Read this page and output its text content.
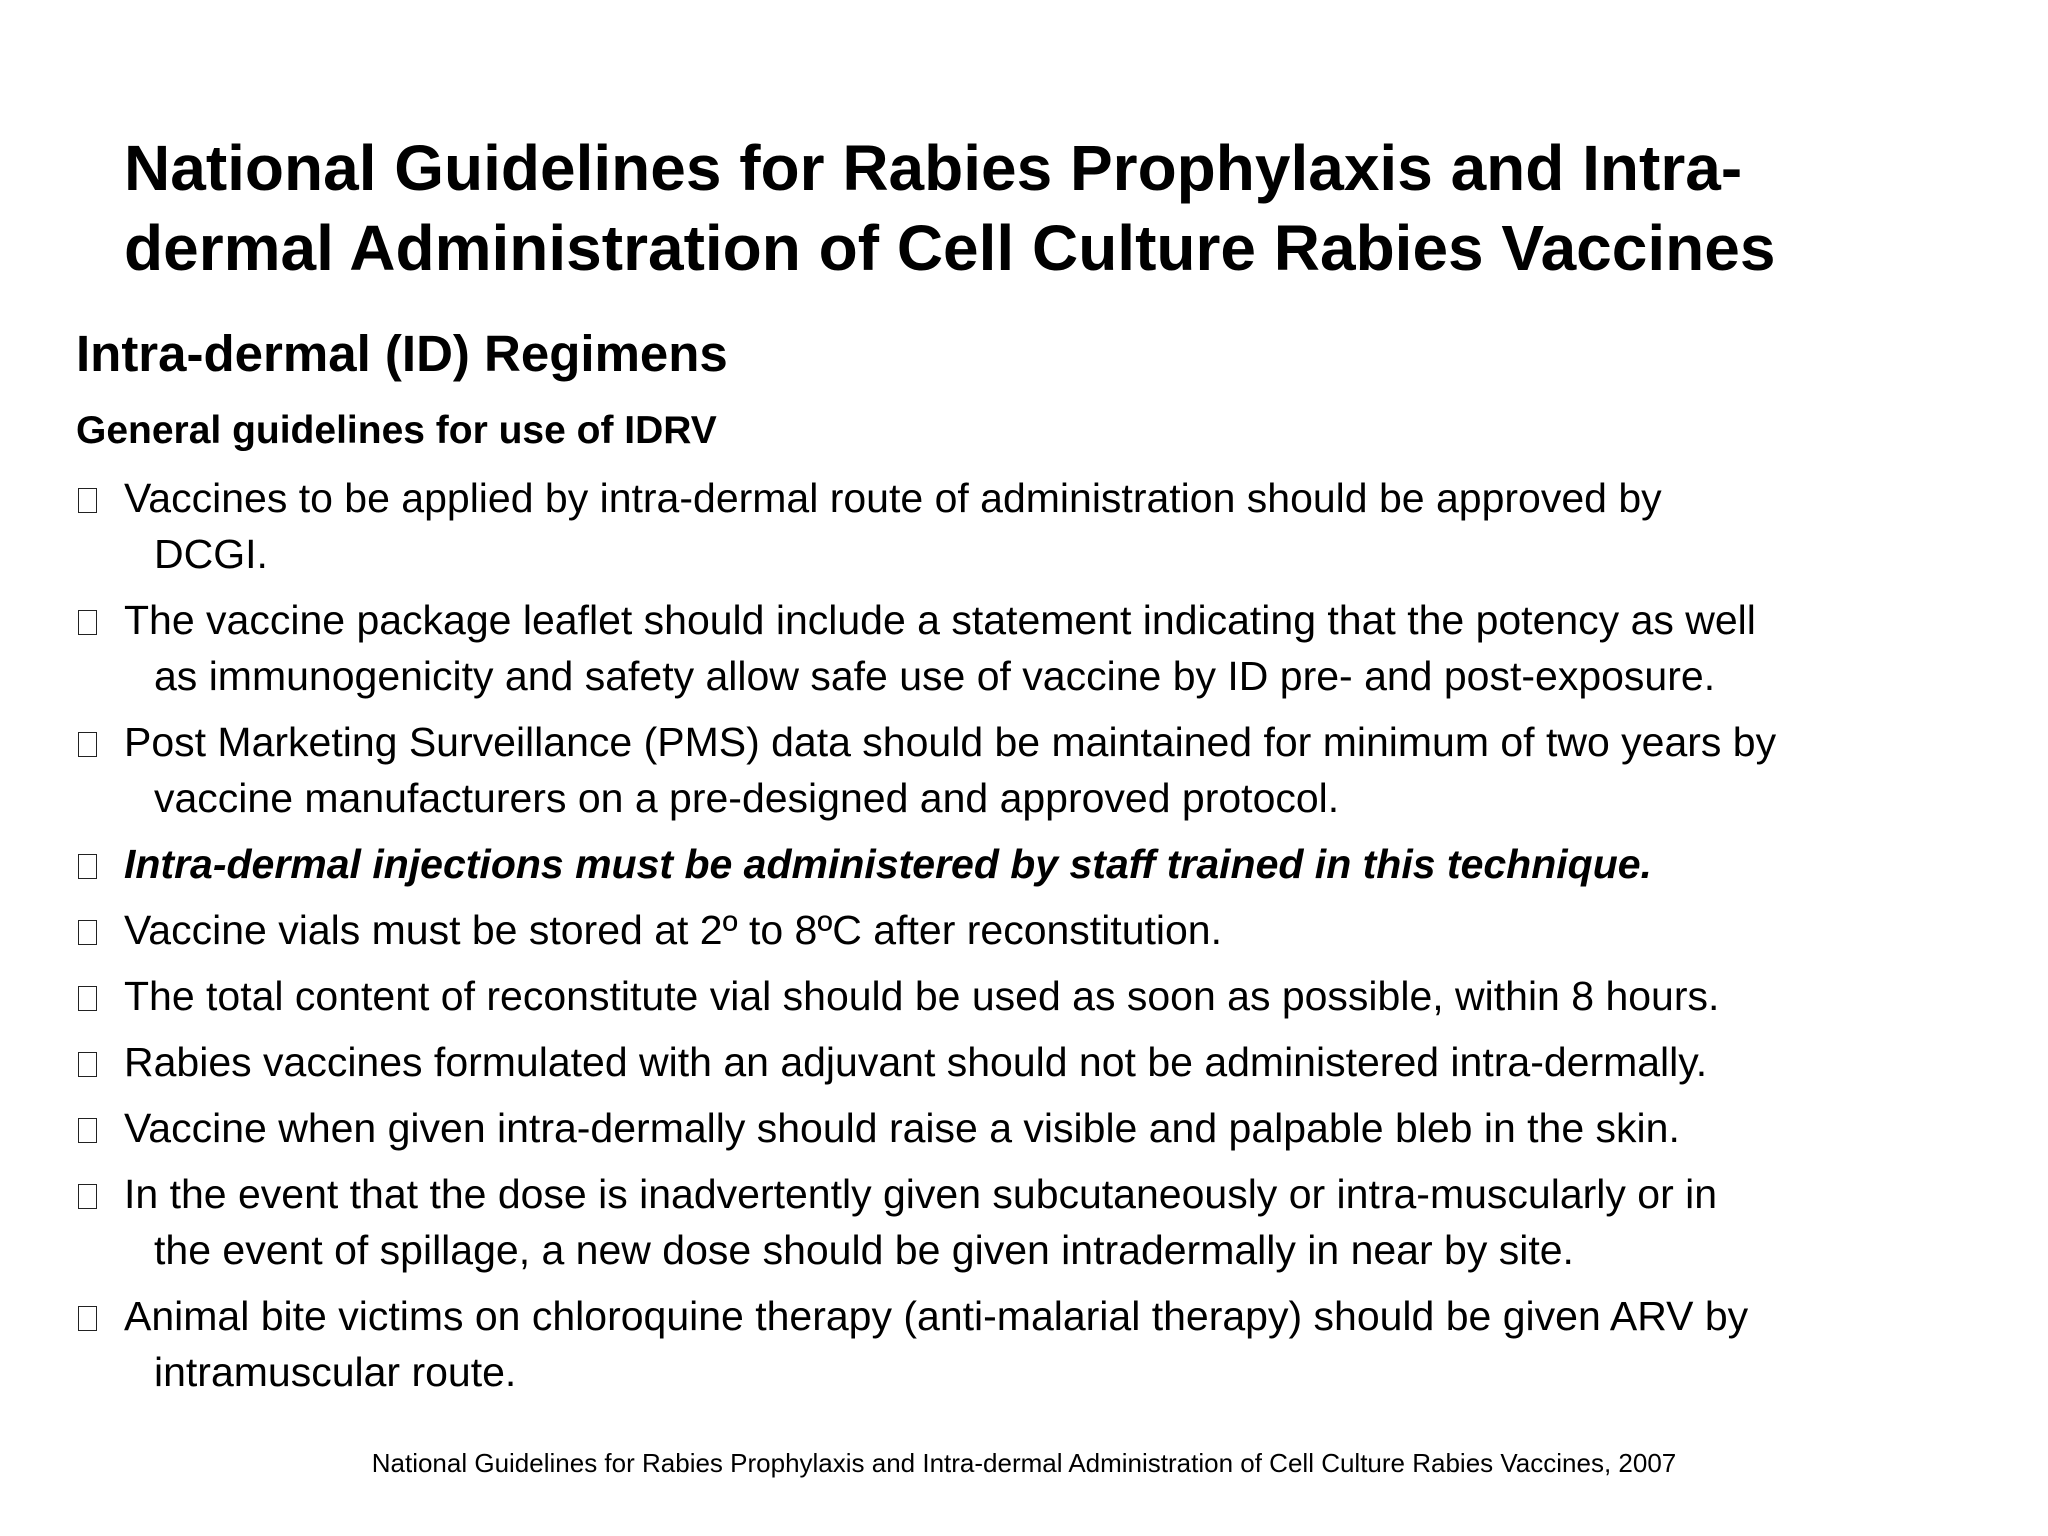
National Guidelines for Rabies Prophylaxis and Intra-
dermal Administration of Cell Culture Rabies Vaccines
Intra-dermal (ID) Regimens
General guidelines for use of IDRV
Vaccines to be applied by intra-dermal route of administration should be approved by
DCGI.
The vaccine package leaflet should include a statement indicating that the potency as well
as immunogenicity and safety allow safe use of vaccine by ID pre- and post-exposure.
Post Marketing Surveillance (PMS) data should be maintained for minimum of two years by
vaccine manufacturers on a pre-designed and approved protocol.
Intra-dermal injections must be administered by staff trained in this technique.
Vaccine vials must be stored at 2º to 8ºC after reconstitution.
The total content of reconstitute vial should be used as soon as possible, within 8 hours.
Rabies vaccines formulated with an adjuvant should not be administered intra-dermally.
Vaccine when given intra-dermally should raise a visible and palpable bleb in the skin.
In the event that the dose is inadvertently given subcutaneously or intra-muscularly or in
the event of spillage, a new dose should be given intradermally in near by site.
Animal bite victims on chloroquine therapy (anti-malarial therapy) should be given ARV by
intramuscular route.
National Guidelines for Rabies Prophylaxis and Intra-dermal Administration of Cell Culture Rabies Vaccines, 2007
